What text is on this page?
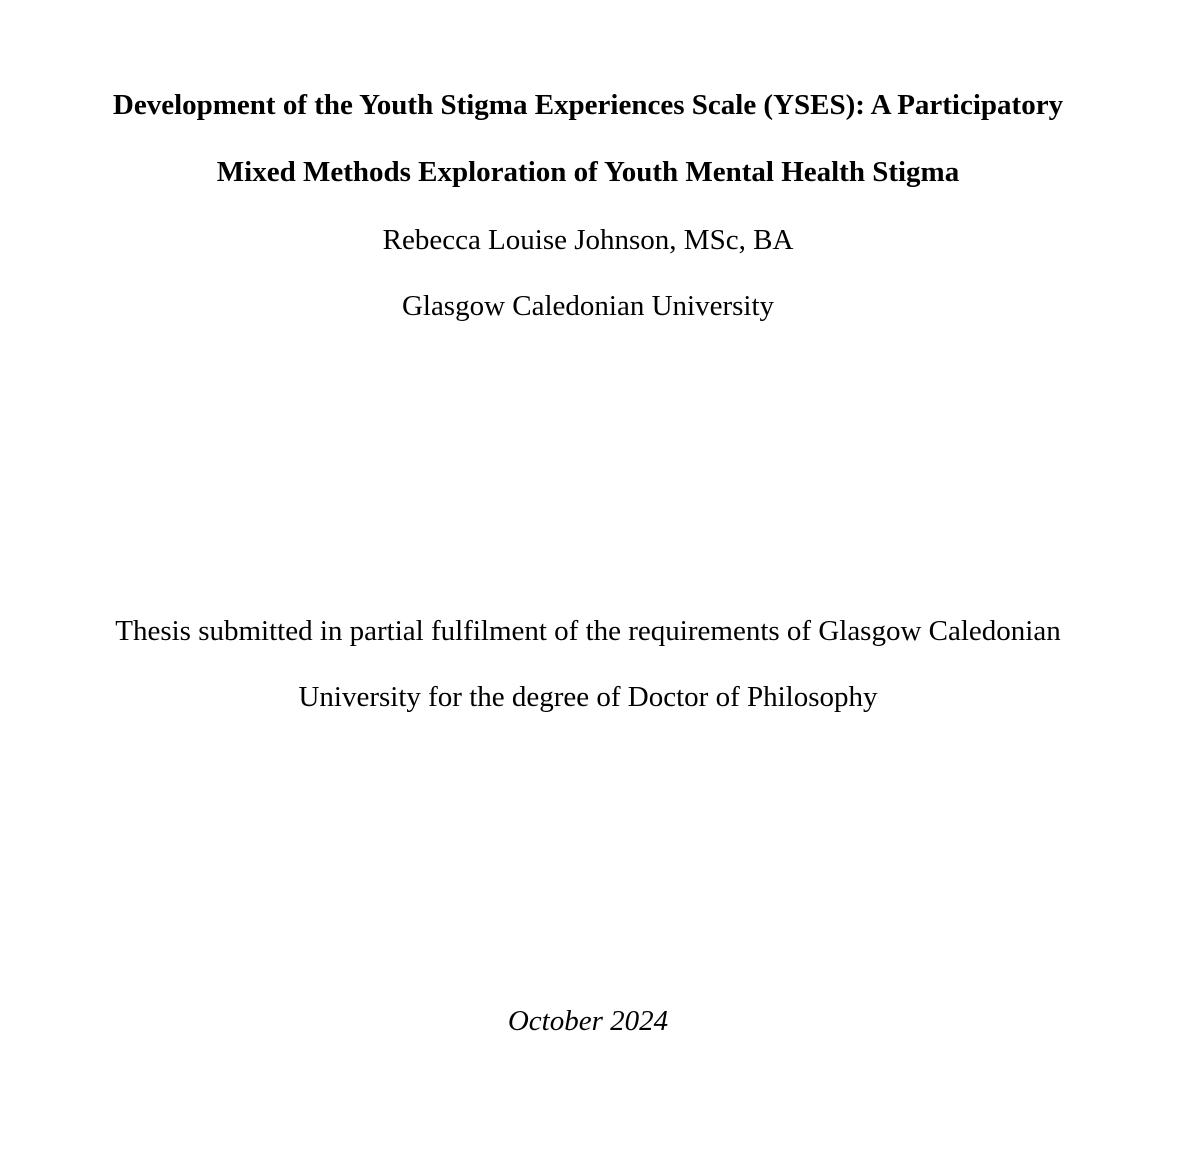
Development of the Youth Stigma Experiences Scale (YSES): A Participatory
Mixed Methods Exploration of Youth Mental Health Stigma
Rebecca Louise Johnson, MSc, BA
Glasgow Caledonian University
Thesis submitted in partial fulfilment of the requirements of Glasgow Caledonian
University for the degree of Doctor of Philosophy
October 2024
